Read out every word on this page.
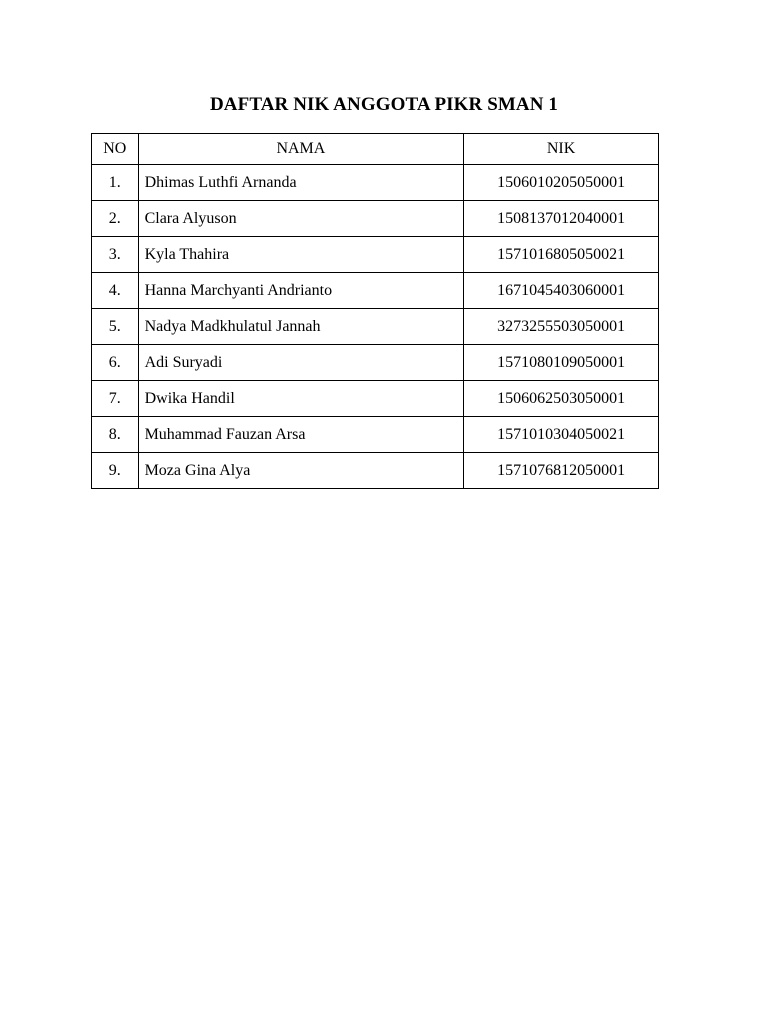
DAFTAR NIK ANGGOTA PIKR SMAN 1
NO	NAMA	NIK
1.	Dhimas Luthfi Arnanda	1506010205050001
2.	Clara Alyuson	1508137012040001
3.	Kyla Thahira	1571016805050021
4.	Hanna Marchyanti Andrianto	1671045403060001
5.	Nadya Madkhulatul Jannah	3273255503050001
6.	Adi Suryadi	1571080109050001
7.	Dwika Handil	1506062503050001
8.	Muhammad Fauzan Arsa	1571010304050021
9.	Moza Gina Alya	1571076812050001
